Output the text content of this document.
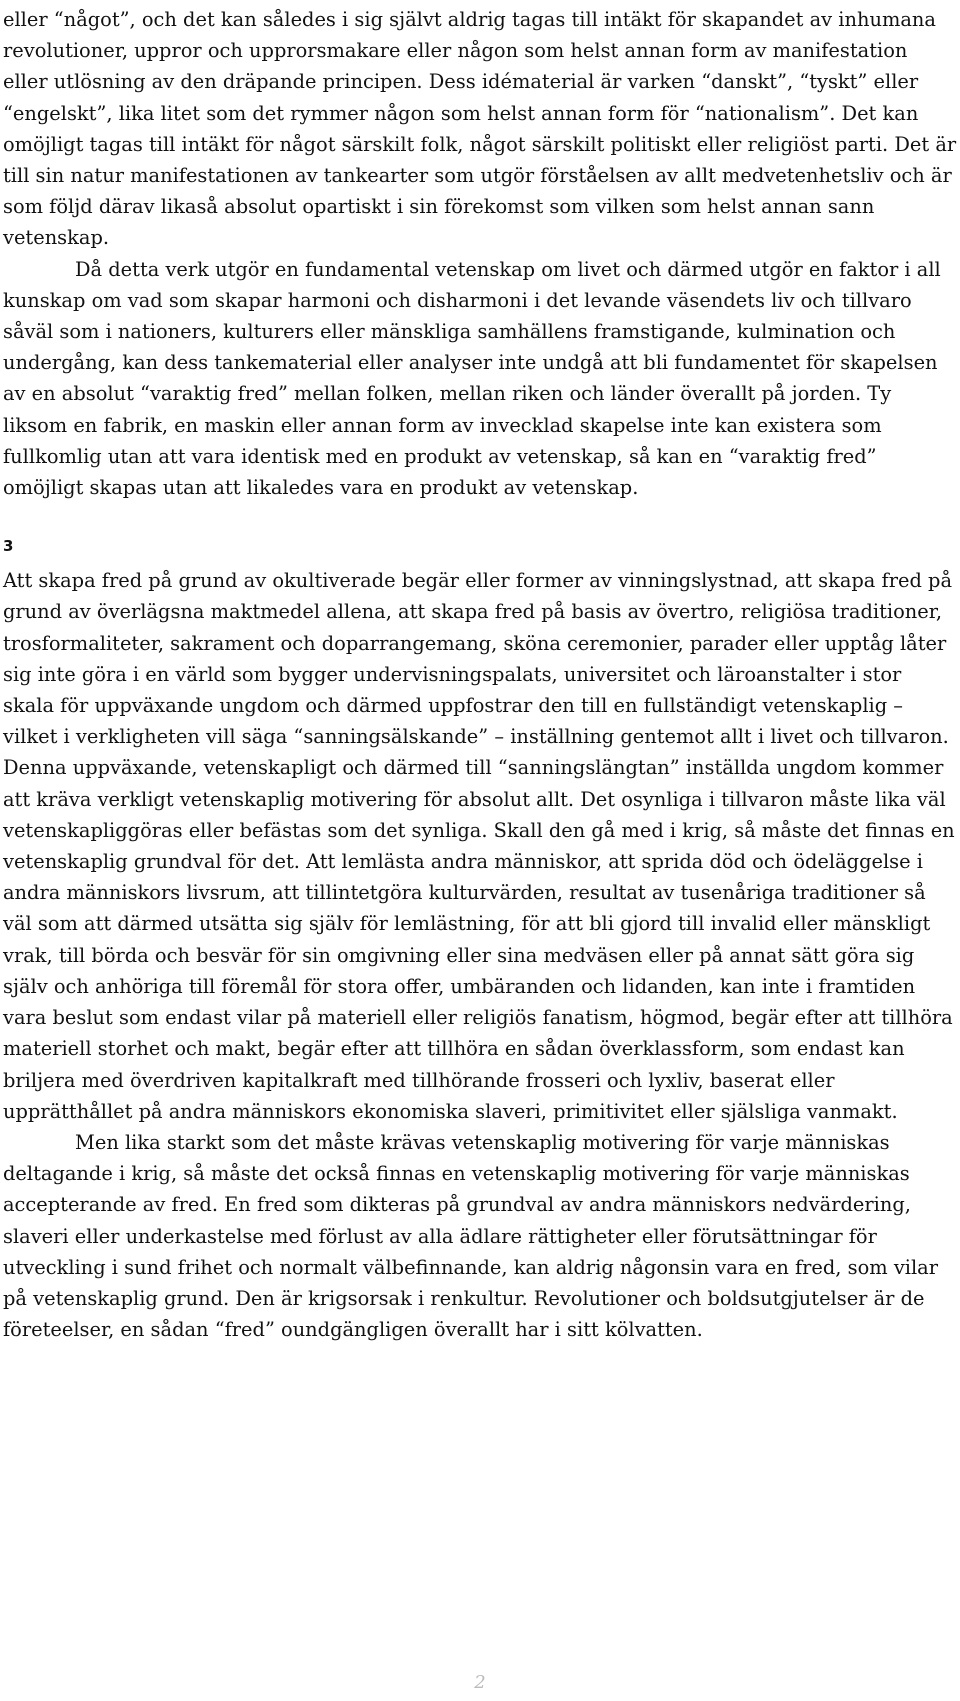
eller “något”, och det kan således i sig självt aldrig tagas till intäkt för skapandet av inhumana revolutioner, uppror och upprorsmakare eller någon som helst annan form av manifestation eller utlösning av den dräpande principen. Dess idématerial är varken “danskt”, “tyskt” eller “engelskt”, lika litet som det rymmer någon som helst annan form för “nationalism”. Det kan omöjligt tagas till intäkt för något särskilt folk, något särskilt politiskt eller religiöst parti. Det är till sin natur manifestationen av tankearter som utgör förståelsen av allt medvetenhetsliv och är som följd därav likaså absolut opartiskt i sin förekomst som vilken som helst annan sann vetenskap.

Då detta verk utgör en fundamental vetenskap om livet och därmed utgör en faktor i all kunskap om vad som skapar harmoni och disharmoni i det levande väsendets liv och tillvaro såväl som i nationers, kulturers eller mänskliga samhällens framstigande, kulmination och undergång, kan dess tankematerial eller analyser inte undgå att bli fundamentet för skapelsen av en absolut “varaktig fred” mellan folken, mellan riken och länder överallt på jorden. Ty liksom en fabrik, en maskin eller annan form av invecklad skapelse inte kan existera som fullkomlig utan att vara identisk med en produkt av vetenskap, så kan en “varaktig fred” omöjligt skapas utan att likaledes vara en produkt av vetenskap.

3

Att skapa fred på grund av okultiverade begär eller former av vinningslystnad, att skapa fred på grund av överlägsna maktmedel allena, att skapa fred på basis av övertro, religiösa traditioner, trosformaliteter, sakrament och doparrangemang, sköna ceremonier, parader eller upptåg låter sig inte göra i en värld som bygger undervisningspalats, universitet och läroanstalter i stor skala för uppväxande ungdom och därmed uppfostrar den till en fullständigt vetenskaplig – vilket i verkligheten vill säga “sanningsälskande” – inställning gentemot allt i livet och tillvaron. Denna uppväxande, vetenskapligt och därmed till “sanningslängtan” inställda ungdom kommer att kräva verkligt vetenskaplig motivering för absolut allt. Det osynliga i tillvaron måste lika väl vetenskapliggöras eller befästas som det synliga. Skall den gå med i krig, så måste det finnas en vetenskaplig grundval för det. Att lemlästa andra människor, att sprida död och ödeläggelse i andra människors livsrum, att tillintetgöra kulturvärden, resultat av tusenåriga traditioner så väl som att därmed utsätta sig själv för lemlästning, för att bli gjord till invalid eller mänskligt vrak, till börda och besvär för sin omgivning eller sina medväsen eller på annat sätt göra sig själv och anhöriga till föremål för stora offer, umbäranden och lidanden, kan inte i framtiden vara beslut som endast vilar på materiell eller religiös fanatism, högmod, begär efter att tillhöra materiell storhet och makt, begär efter att tillhöra en sådan överklassform, som endast kan briljera med överdriven kapitalkraft med tillhörande frosseri och lyxliv, baserat eller upprätthållet på andra människors ekonomiska slaveri, primitivitet eller själsliga vanmakt.

Men lika starkt som det måste krävas vetenskaplig motivering för varje människas deltagande i krig, så måste det också finnas en vetenskaplig motivering för varje människas accepterande av fred. En fred som dikteras på grundval av andra människors nedvärdering, slaveri eller underkastelse med förlust av alla ädlare rättigheter eller förutsättningar för utveckling i sund frihet och normalt välbefinnande, kan aldrig någonsin vara en fred, som vilar på vetenskaplig grund. Den är krigsorsak i renkultur. Revolutioner och boldsutgjutelser är de företeelser, en sådan “fred” oundgängligen överallt har i sitt kölvatten.

2
